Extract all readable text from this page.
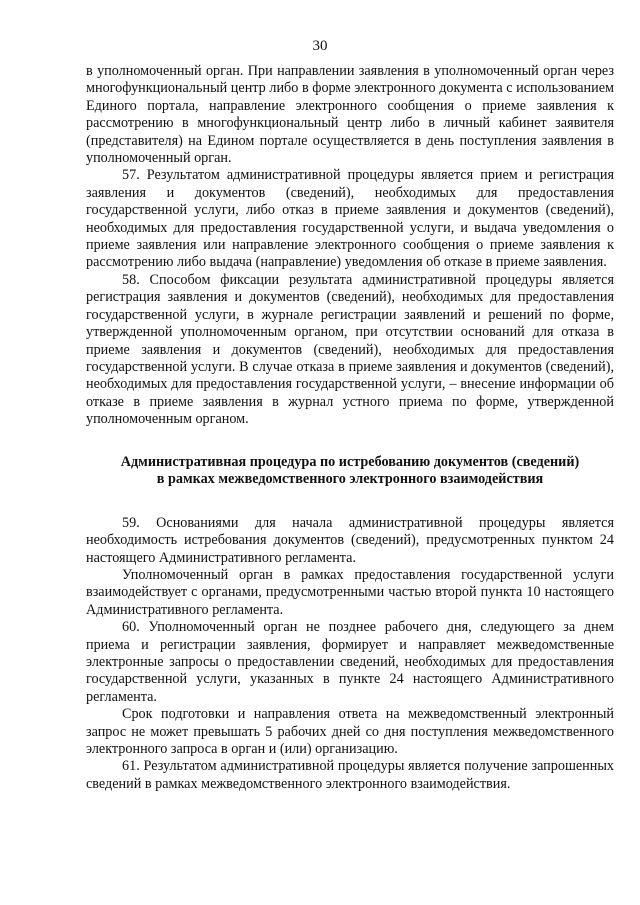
30

в уполномоченный орган. При направлении заявления в уполномоченный орган через многофункциональный центр либо в форме электронного документа с использованием Единого портала, направление электронного сообщения о приеме заявления к рассмотрению в многофункциональный центр либо в личный кабинет заявителя (представителя) на Едином портале осуществляется в день поступления заявления в уполномоченный орган.

57. Результатом административной процедуры является прием и регистрация заявления и документов (сведений), необходимых для предоставления государственной услуги, либо отказ в приеме заявления и документов (сведений), необходимых для предоставления государственной услуги, и выдача уведомления о приеме заявления или направление электронного сообщения о приеме заявления к рассмотрению либо выдача (направление) уведомления об отказе в приеме заявления.

58. Способом фиксации результата административной процедуры является регистрация заявления и документов (сведений), необходимых для предоставления государственной услуги, в журнале регистрации заявлений и решений по форме, утвержденной уполномоченным органом, при отсутствии оснований для отказа в приеме заявления и документов (сведений), необходимых для предоставления государственной услуги. В случае отказа в приеме заявления и документов (сведений), необходимых для предоставления государственной услуги, – внесение информации об отказе в приеме заявления в журнал устного приема по форме, утвержденной уполномоченным органом.

Административная процедура по истребованию документов (сведений)
в рамках межведомственного электронного взаимодействия

59. Основаниями для начала административной процедуры является необходимость истребования документов (сведений), предусмотренных пунктом 24 настоящего Административного регламента.

Уполномоченный орган в рамках предоставления государственной услуги взаимодействует с органами, предусмотренными частью второй пункта 10 настоящего Административного регламента.

60. Уполномоченный орган не позднее рабочего дня, следующего за днем приема и регистрации заявления, формирует и направляет межведомственные электронные запросы о предоставлении сведений, необходимых для предоставления государственной услуги, указанных в пункте 24 настоящего Административного регламента.

Срок подготовки и направления ответа на межведомственный электронный запрос не может превышать 5 рабочих дней со дня поступления межведомственного электронного запроса в орган и (или) организацию.

61. Результатом административной процедуры является получение запрошенных сведений в рамках межведомственного электронного взаимодействия.
